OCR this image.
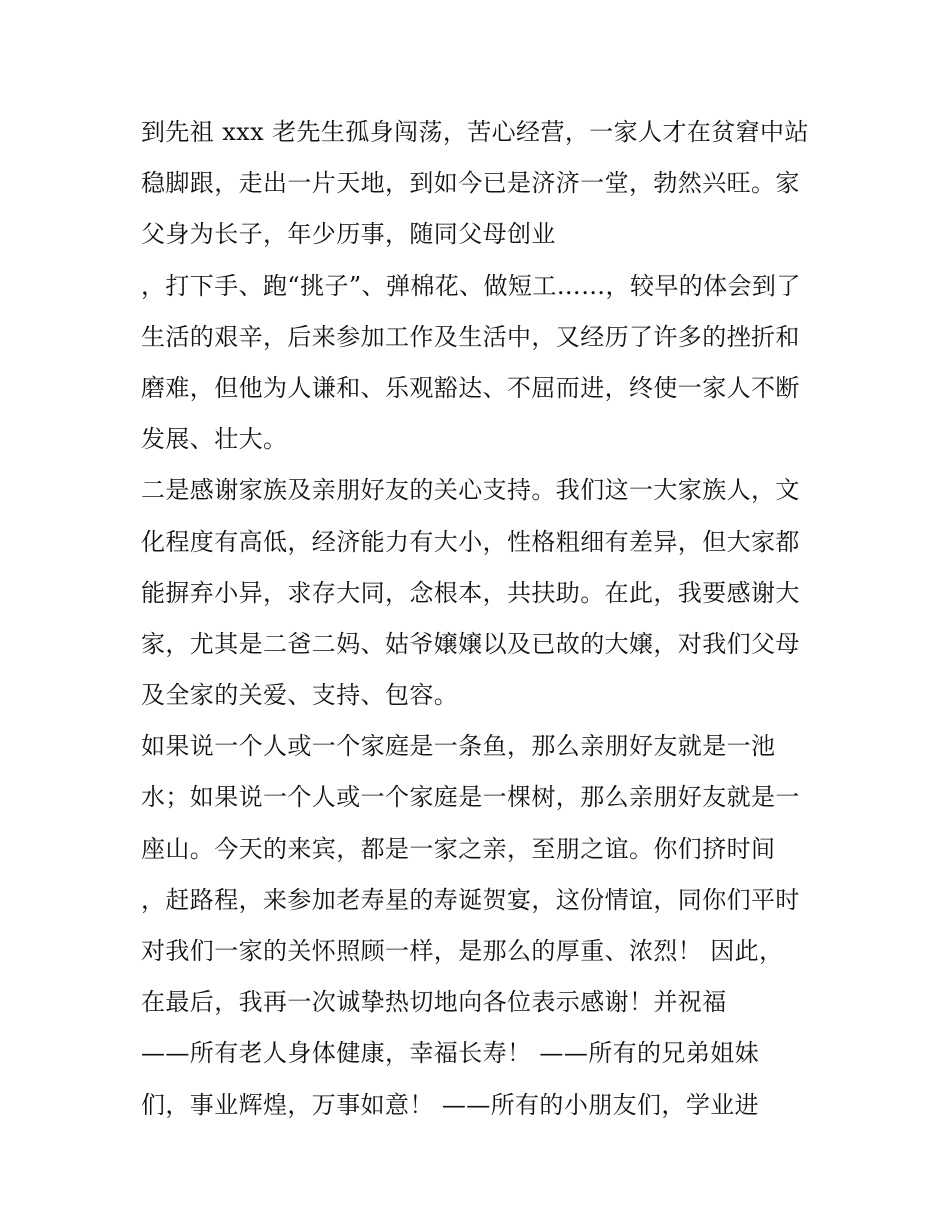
到先祖 xxx 老先生孤身闯荡，苦心经营，一家人才在贫窘中站
稳脚跟，走出一片天地，到如今已是济济一堂，勃然兴旺。家
父身为长子，年少历事，随同父母创业
，打下手、跑“挑子”、弹棉花、做短工……，较早的体会到了
生活的艰辛，后来参加工作及生活中，又经历了许多的挫折和
磨难，但他为人谦和、乐观豁达、不屈而进，终使一家人不断
发展、壮大。
二是感谢家族及亲朋好友的关心支持。我们这一大家族人，文
化程度有高低，经济能力有大小，性格粗细有差异，但大家都
能摒弃小异，求存大同，念根本，共扶助。在此，我要感谢大
家，尤其是二爸二妈、姑爷嬢嬢以及已故的大嬢，对我们父母
及全家的关爱、支持、包容。
如果说一个人或一个家庭是一条鱼，那么亲朋好友就是一池
水；如果说一个人或一个家庭是一棵树，那么亲朋好友就是一
座山。今天的来宾，都是一家之亲，至朋之谊。你们挤时间
，赶路程，来参加老寿星的寿诞贺宴，这份情谊，同你们平时
对我们一家的关怀照顾一样，是那么的厚重、浓烈！ 因此，
在最后，我再一次诚挚热切地向各位表示感谢！并祝福
——所有老人身体健康，幸福长寿！ ——所有的兄弟姐妹
们，事业辉煌，万事如意！ ——所有的小朋友们，学业进
